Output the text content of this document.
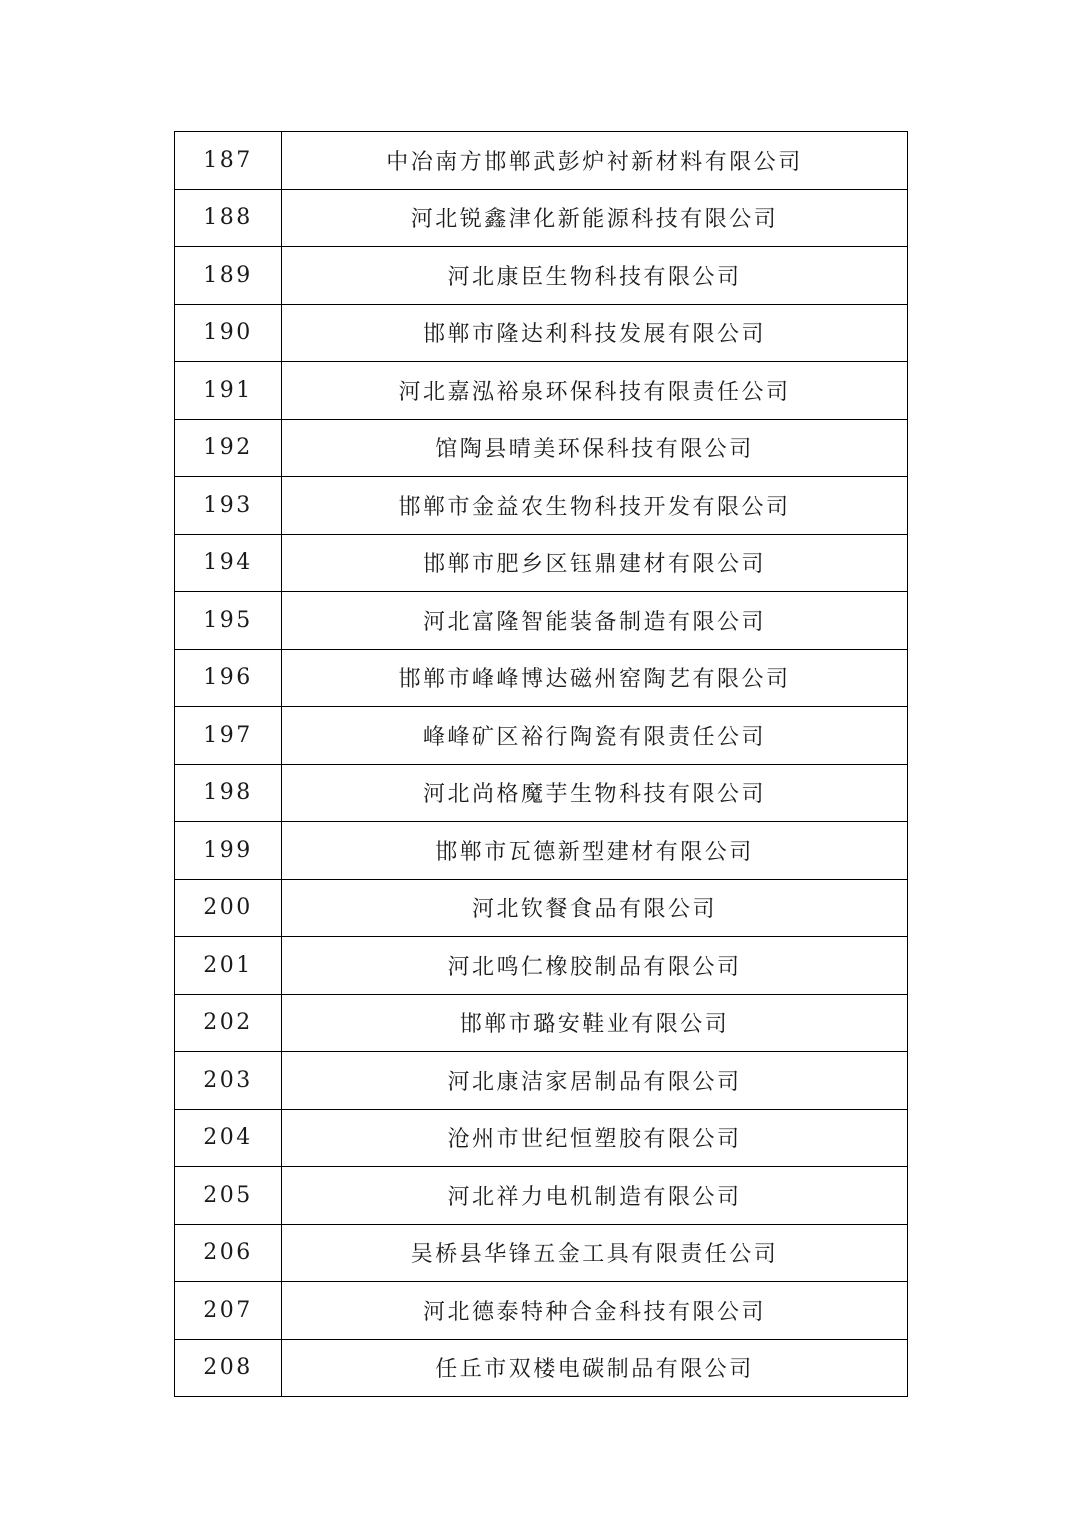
187	中冶南方邯郸武彭炉衬新材料有限公司
188	河北锐鑫津化新能源科技有限公司
189	河北康臣生物科技有限公司
190	邯郸市隆达利科技发展有限公司
191	河北嘉泓裕泉环保科技有限责任公司
192	馆陶县晴美环保科技有限公司
193	邯郸市金益农生物科技开发有限公司
194	邯郸市肥乡区钰鼎建材有限公司
195	河北富隆智能装备制造有限公司
196	邯郸市峰峰博达磁州窑陶艺有限公司
197	峰峰矿区裕行陶瓷有限责任公司
198	河北尚格魔芋生物科技有限公司
199	邯郸市瓦德新型建材有限公司
200	河北钦餐食品有限公司
201	河北鸣仁橡胶制品有限公司
202	邯郸市璐安鞋业有限公司
203	河北康洁家居制品有限公司
204	沧州市世纪恒塑胶有限公司
205	河北祥力电机制造有限公司
206	吴桥县华锋五金工具有限责任公司
207	河北德泰特种合金科技有限公司
208	任丘市双楼电碳制品有限公司
